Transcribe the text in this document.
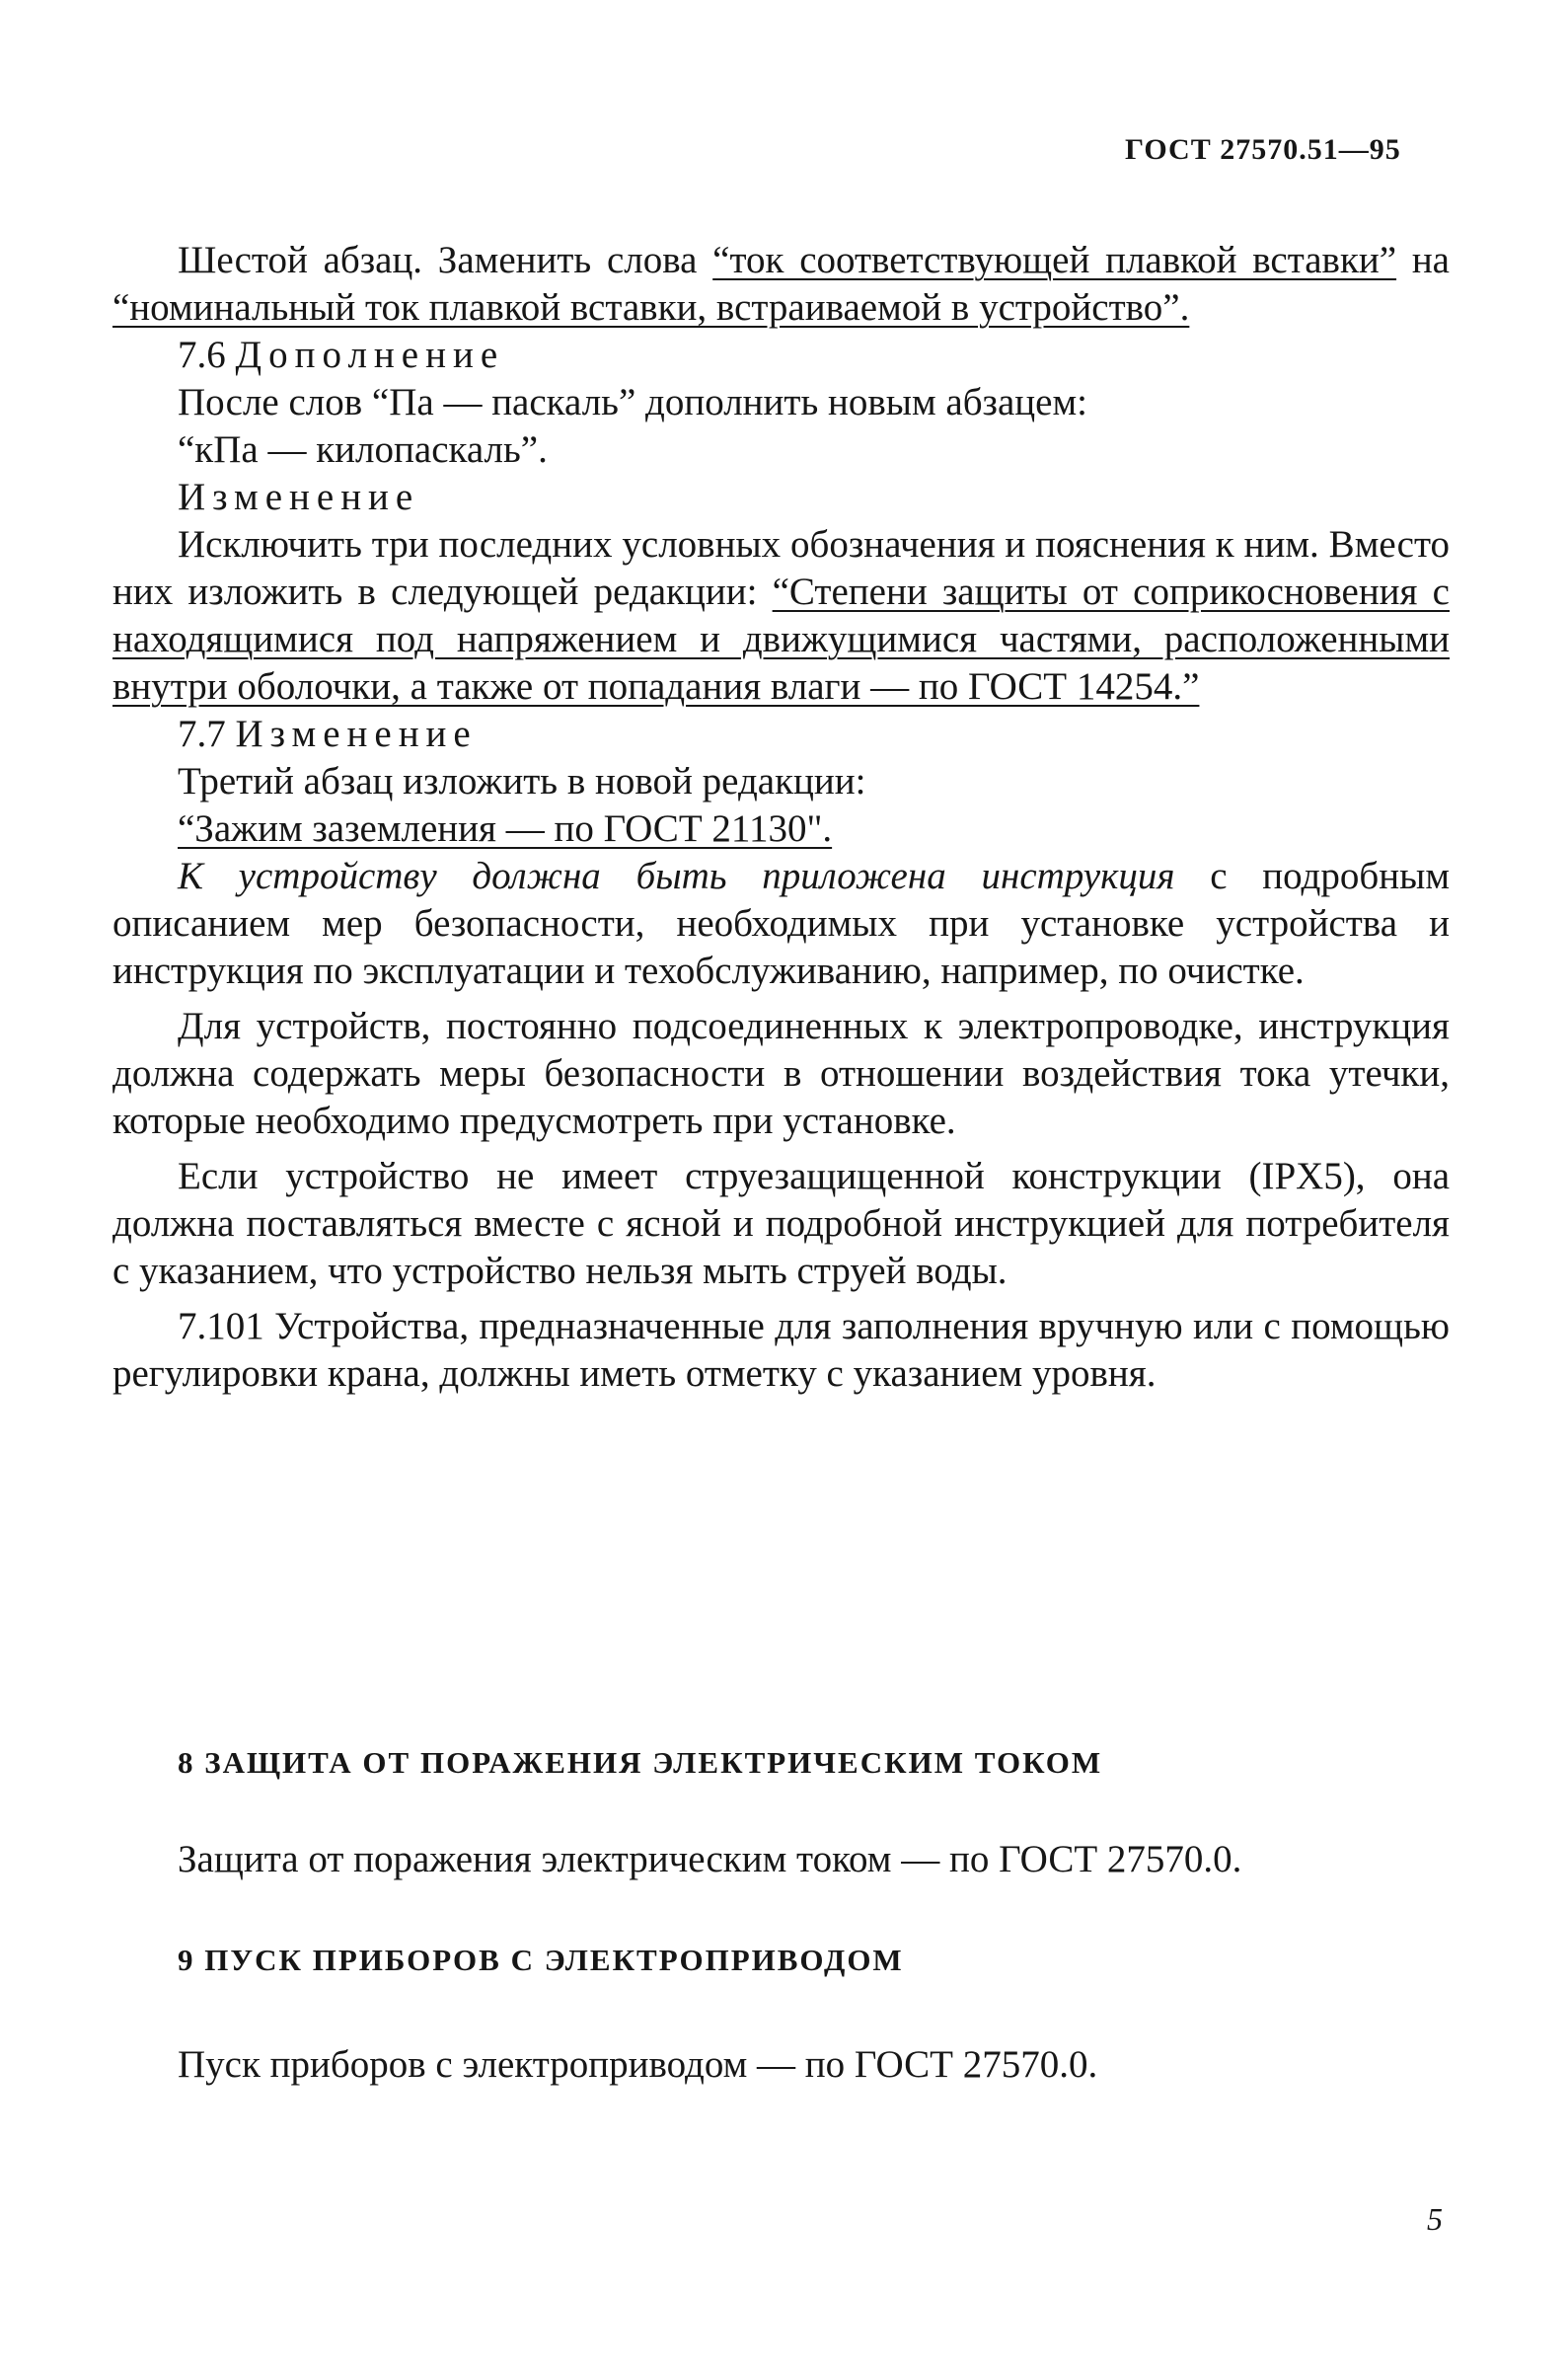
ГОСТ 27570.51—95

Шестой абзац. Заменить слова “ток соответствующей плавкой вставки” на “номинальный ток плавкой вставки, встраиваемой в устройство”.

7.6 Дополнение

После слов “Па — паскаль” дополнить новым абзацем:

“кПа — килопаскаль”.

Изменение

Исключить три последних условных обозначения и пояснения к ним. Вместо них изложить в следующей редакции: “Степени защиты от соприкосновения с находящимися под напряжением и движущимися частями, расположенными внутри оболочки, а также от попадания влаги — по ГОСТ 14254.”

7.7 Изменение

Третий абзац изложить в новой редакции:

“Зажим заземления — по ГОСТ 21130".

К устройству должна быть приложена инструкция с подробным описанием мер безопасности, необходимых при установке устройства и инструкция по эксплуатации и техобслуживанию, например, по очистке.

Для устройств, постоянно подсоединенных к электропроводке, инструкция должна содержать меры безопасности в отношении воздействия тока утечки, которые необходимо предусмотреть при установке.

Если устройство не имеет струезащищенной конструкции (IPX5), она должна поставляться вместе с ясной и подробной инструкцией для потребителя с указанием, что устройство нельзя мыть струей воды.

7.101 Устройства, предназначенные для заполнения вручную или с помощью регулировки крана, должны иметь отметку с указанием уровня.

8 ЗАЩИТА ОТ ПОРАЖЕНИЯ ЭЛЕКТРИЧЕСКИМ ТОКОМ
Защита от поражения электрическим током — по ГОСТ 27570.0.
9 ПУСК ПРИБОРОВ С ЭЛЕКТРОПРИВОДОМ
Пуск приборов с электроприводом — по ГОСТ 27570.0.
5
